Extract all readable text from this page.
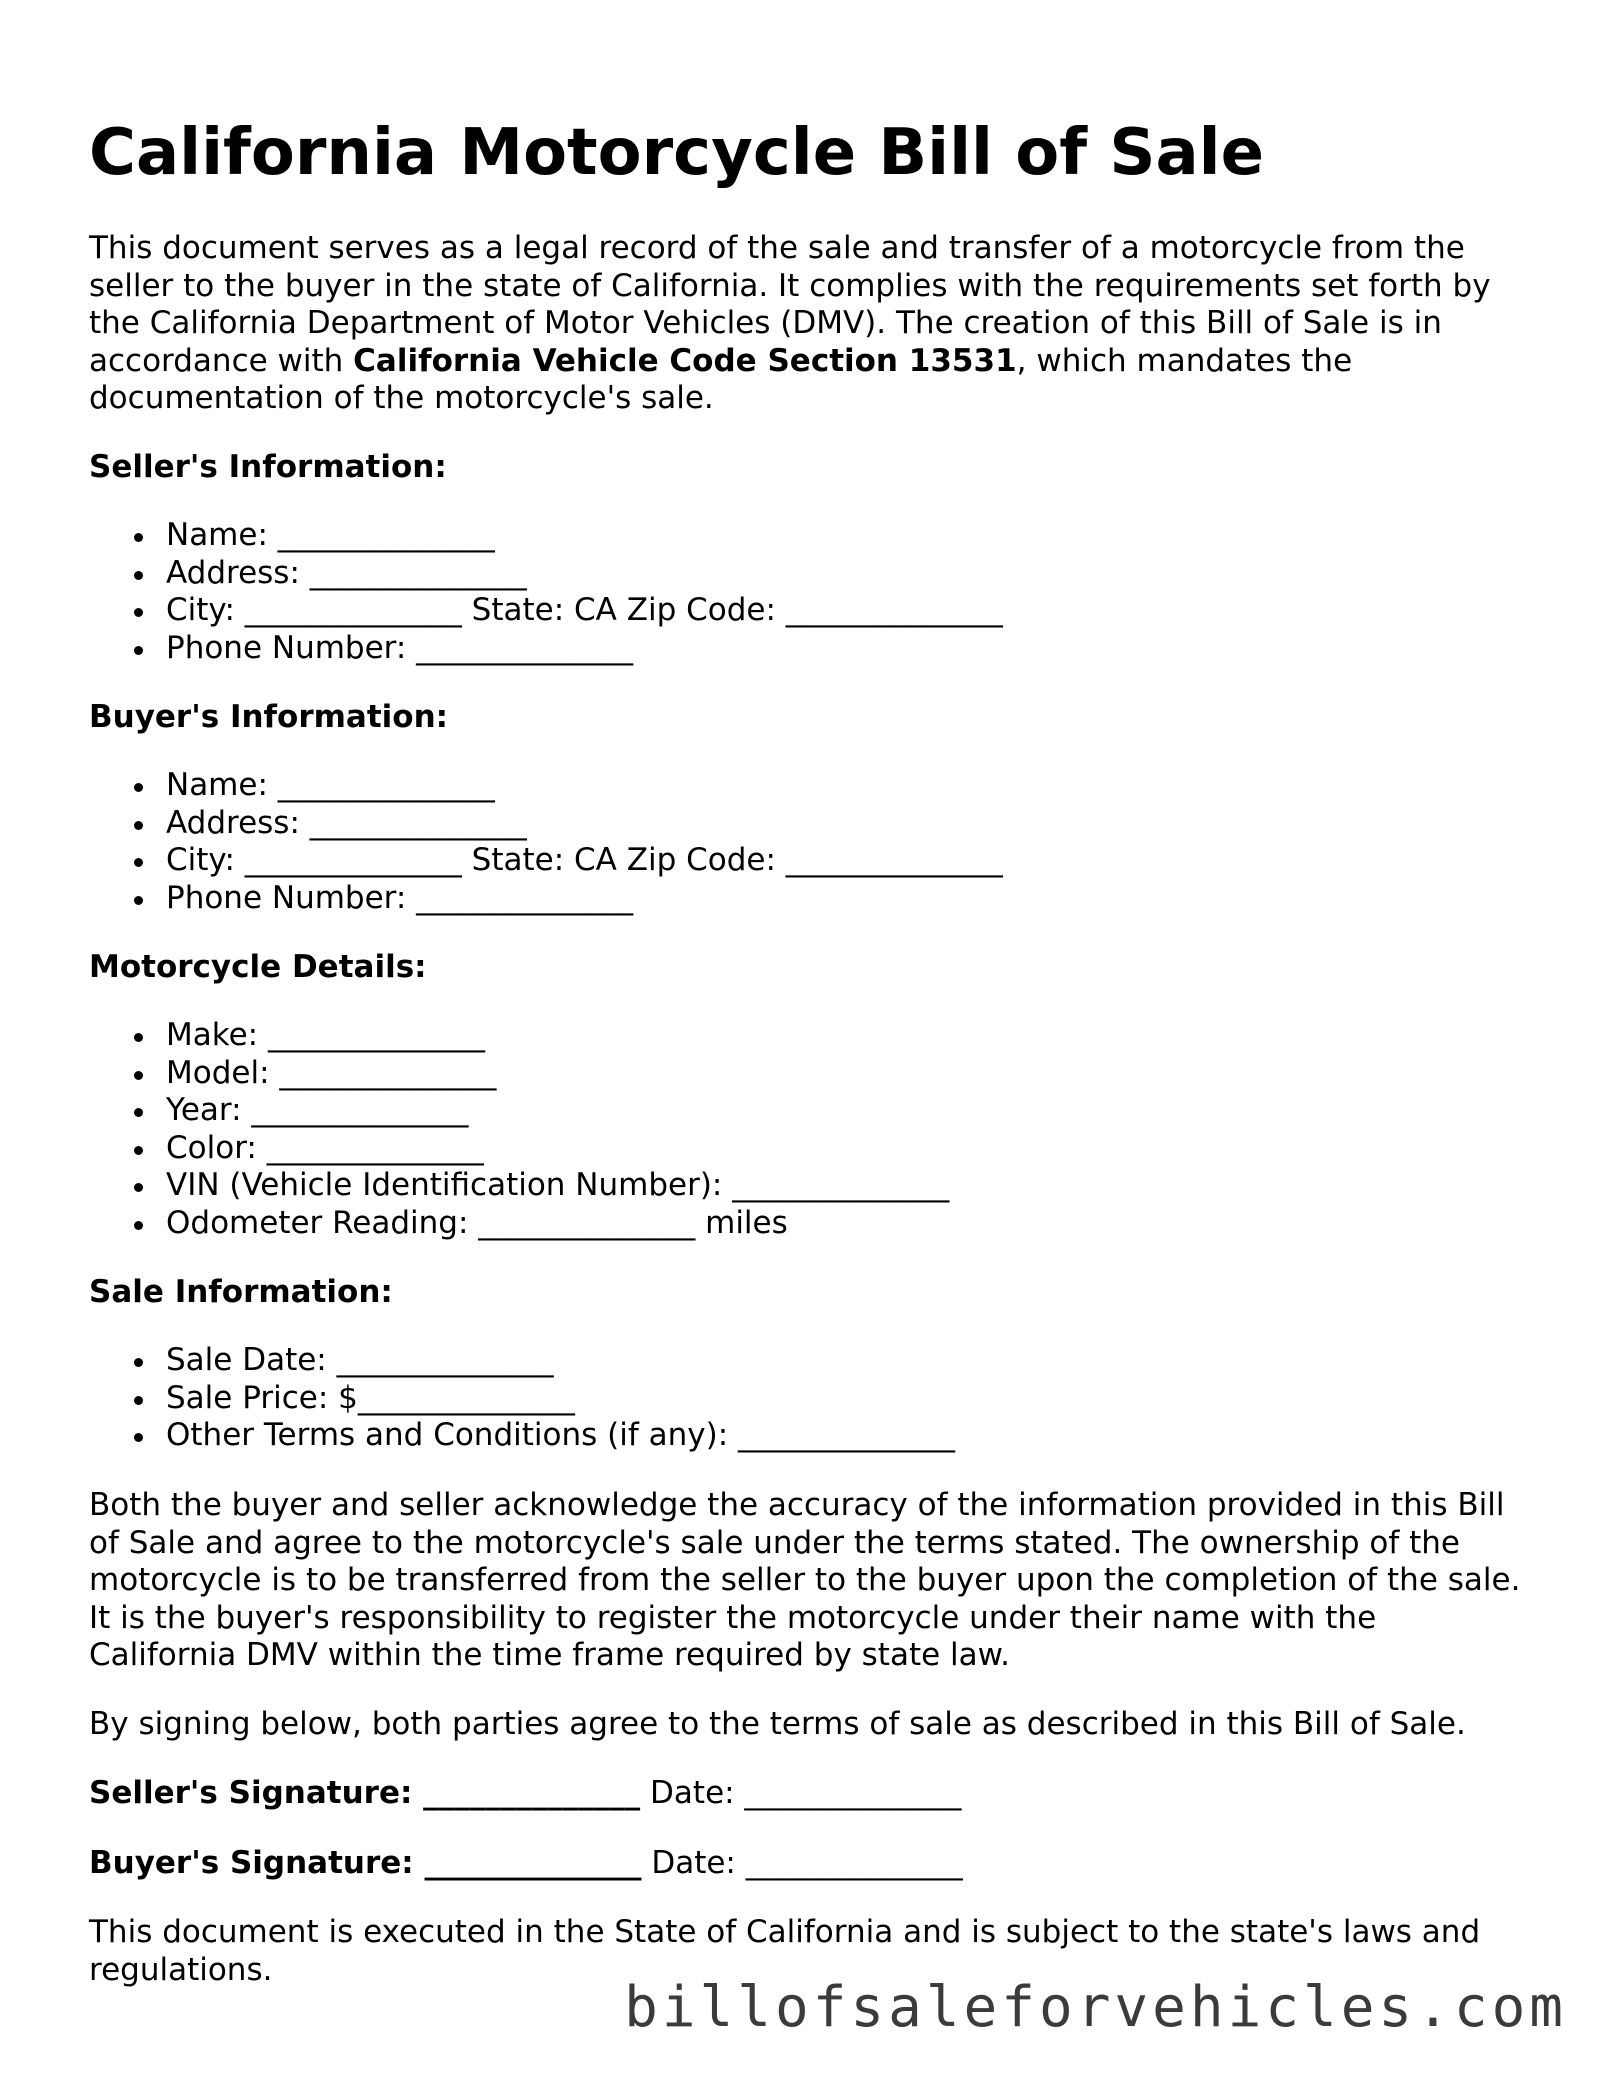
California Motorcycle Bill of Sale

This document serves as a legal record of the sale and transfer of a motorcycle from the seller to the buyer in the state of California. It complies with the requirements set forth by the California Department of Motor Vehicles (DMV). The creation of this Bill of Sale is in accordance with California Vehicle Code Section 13531, which mandates the documentation of the motorcycle's sale.

Seller's Information:
Name: ______________
Address: ______________
City: ______________ State: CA Zip Code: ______________
Phone Number: ______________
Buyer's Information:
Name: ______________
Address: ______________
City: ______________ State: CA Zip Code: ______________
Phone Number: ______________
Motorcycle Details:
Make: ______________
Model: ______________
Year: ______________
Color: ______________
VIN (Vehicle Identification Number): ______________
Odometer Reading: ______________ miles
Sale Information:
Sale Date: ______________
Sale Price: $______________
Other Terms and Conditions (if any): ______________

Both the buyer and seller acknowledge the accuracy of the information provided in this Bill of Sale and agree to the motorcycle's sale under the terms stated. The ownership of the motorcycle is to be transferred from the seller to the buyer upon the completion of the sale. It is the buyer's responsibility to register the motorcycle under their name with the California DMV within the time frame required by state law.

By signing below, both parties agree to the terms of sale as described in this Bill of Sale.

Seller's Signature: ______________ Date: ______________
Buyer's Signature: ______________ Date: ______________

This document is executed in the State of California and is subject to the state's laws and regulations.

billofsaleforvehicles.com
